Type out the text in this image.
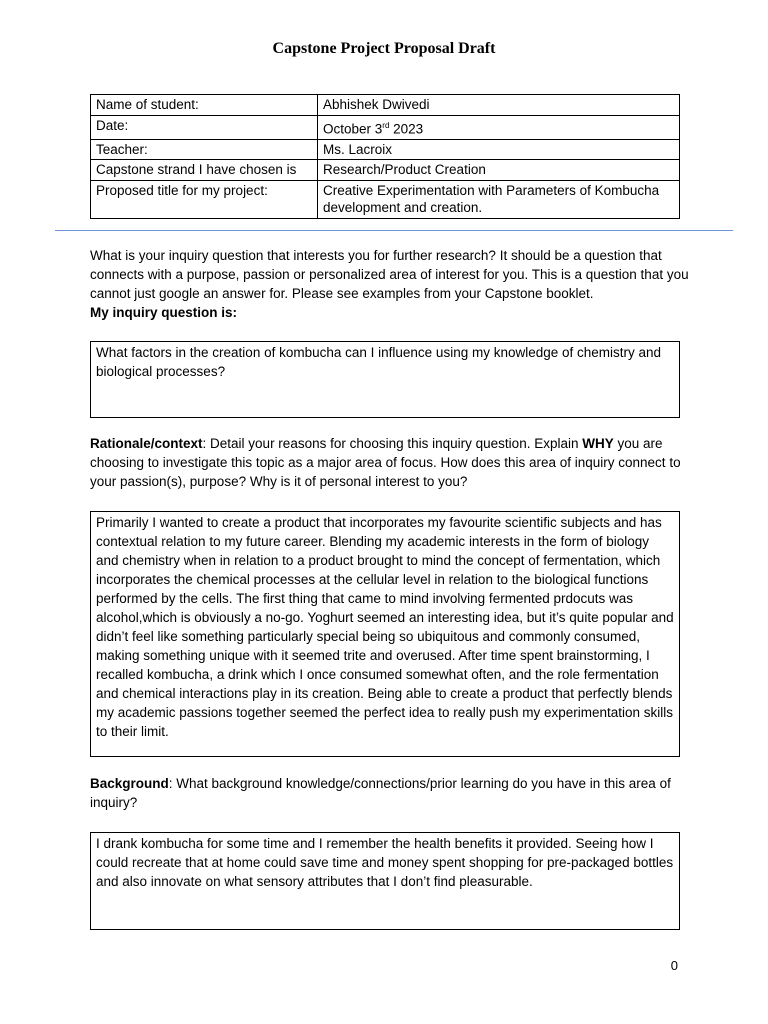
Capstone Project Proposal Draft
Name of student:	Abhishek Dwivedi
Date:	October 3rd 2023
Teacher:	Ms. Lacroix
Capstone strand I have chosen is	Research/Product Creation
Proposed title for my project:	Creative Experimentation with Parameters of Kombucha development and creation.

What is your inquiry question that interests you for further research? It should be a question that connects with a purpose, passion or personalized area of interest for you. This is a question that you cannot just google an answer for. Please see examples from your Capstone booklet.
My inquiry question is:

What factors in the creation of kombucha can I influence using my knowledge of chemistry and biological processes?

Rationale/context: Detail your reasons for choosing this inquiry question. Explain WHY you are choosing to investigate this topic as a major area of focus. How does this area of inquiry connect to your passion(s), purpose? Why is it of personal interest to you?

Primarily I wanted to create a product that incorporates my favourite scientific subjects and has contextual relation to my future career. Blending my academic interests in the form of biology and chemistry when in relation to a product brought to mind the concept of fermentation, which incorporates the chemical processes at the cellular level in relation to the biological functions performed by the cells. The first thing that came to mind involving fermented prdocuts was alcohol,which is obviously a no-go. Yoghurt seemed an interesting idea, but it’s quite popular and didn’t feel like something particularly special being so ubiquitous and commonly consumed, making something unique with it seemed trite and overused. After time spent brainstorming, I recalled kombucha, a drink which I once consumed somewhat often, and the role fermentation and chemical interactions play in its creation. Being able to create a product that perfectly blends my academic passions together seemed the perfect idea to really push my experimentation skills to their limit.

Background: What background knowledge/connections/prior learning do you have in this area of inquiry?

I drank kombucha for some time and I remember the health benefits it provided. Seeing how I could recreate that at home could save time and money spent shopping for pre-packaged bottles and also innovate on what sensory attributes that I don’t find pleasurable.
0
